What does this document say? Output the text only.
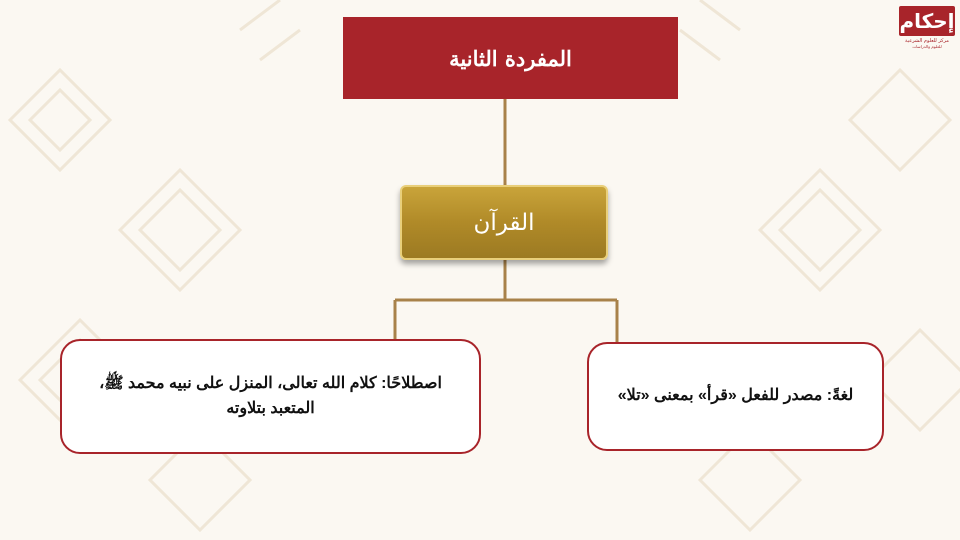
إحكام
مركز للعلوم الشرعية
للعلوم والدراسات
المفردة الثانية
القرآن
اصطلاحًا: كلام الله تعالى، المنزل على نبيه محمد ﷺ، المتعبد بتلاوته
لغةً: مصدر للفعل «قرأ» بمعنى «تلا»
